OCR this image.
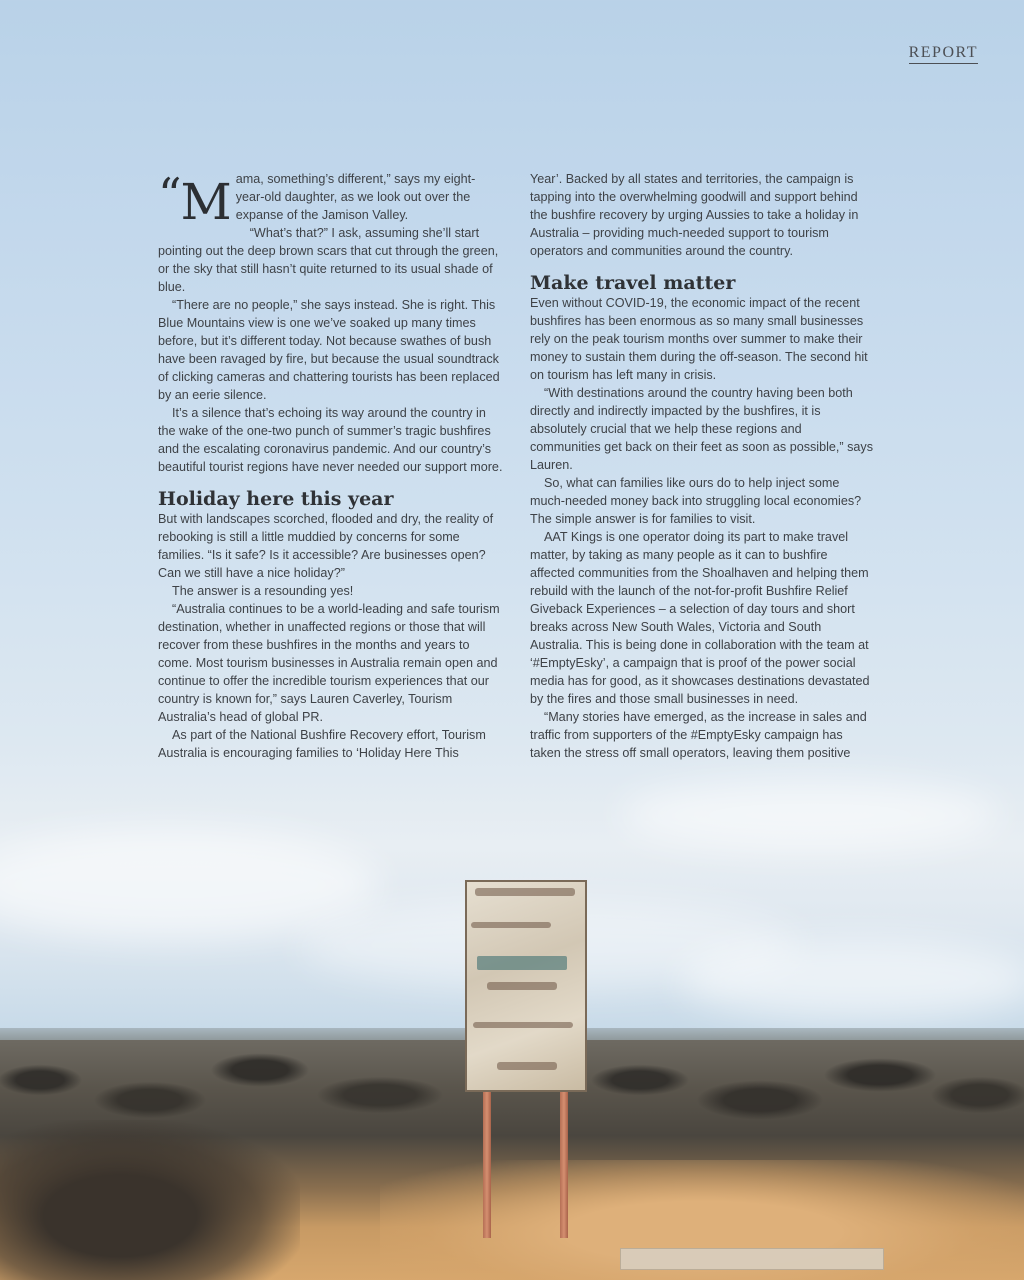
REPORT
“M ama, something’s different,” says my eight-year-old daughter, as we look out over the expanse of the Jamison Valley.

“What’s that?” I ask, assuming she’ll start pointing out the deep brown scars that cut through the green, or the sky that still hasn’t quite returned to its usual shade of blue.

“There are no people,” she says instead. She is right. This Blue Mountains view is one we’ve soaked up many times before, but it’s different today. Not because swathes of bush have been ravaged by fire, but because the usual soundtrack of clicking cameras and chattering tourists has been replaced by an eerie silence.

It’s a silence that’s echoing its way around the country in the wake of the one-two punch of summer’s tragic bushfires and the escalating coronavirus pandemic. And our country’s beautiful tourist regions have never needed our support more.

Holiday here this year

But with landscapes scorched, flooded and dry, the reality of rebooking is still a little muddied by concerns for some families. “Is it safe? Is it accessible? Are businesses open? Can we still have a nice holiday?”

The answer is a resounding yes!

“Australia continues to be a world-leading and safe tourism destination, whether in unaffected regions or those that will recover from these bushfires in the months and years to come. Most tourism businesses in Australia remain open and continue to offer the incredible tourism experiences that our country is known for,” says Lauren Caverley, Tourism Australia’s head of global PR.

As part of the National Bushfire Recovery effort, Tourism Australia is encouraging families to ‘Holiday Here This

Year’. Backed by all states and territories, the campaign is tapping into the overwhelming goodwill and support behind the bushfire recovery by urging Aussies to take a holiday in Australia – providing much-needed support to tourism operators and communities around the country.

Make travel matter

Even without COVID-19, the economic impact of the recent bushfires has been enormous as so many small businesses rely on the peak tourism months over summer to make their money to sustain them during the off-season. The second hit on tourism has left many in crisis.

“With destinations around the country having been both directly and indirectly impacted by the bushfires, it is absolutely crucial that we help these regions and communities get back on their feet as soon as possible,” says Lauren.

So, what can families like ours do to help inject some much-needed money back into struggling local economies? The simple answer is for families to visit.

AAT Kings is one operator doing its part to make travel matter, by taking as many people as it can to bushfire affected communities from the Shoalhaven and helping them rebuild with the launch of the not-for-profit Bushfire Relief Giveback Experiences – a selection of day tours and short breaks across New South Wales, Victoria and South Australia. This is being done in collaboration with the team at ‘#EmptyEsky’, a campaign that is proof of the power social media has for good, as it showcases destinations devastated by the fires and those small businesses in need.

“Many stories have emerged, as the increase in sales and traffic from supporters of the #EmptyEsky campaign has taken the stress off small operators, leaving them positive
